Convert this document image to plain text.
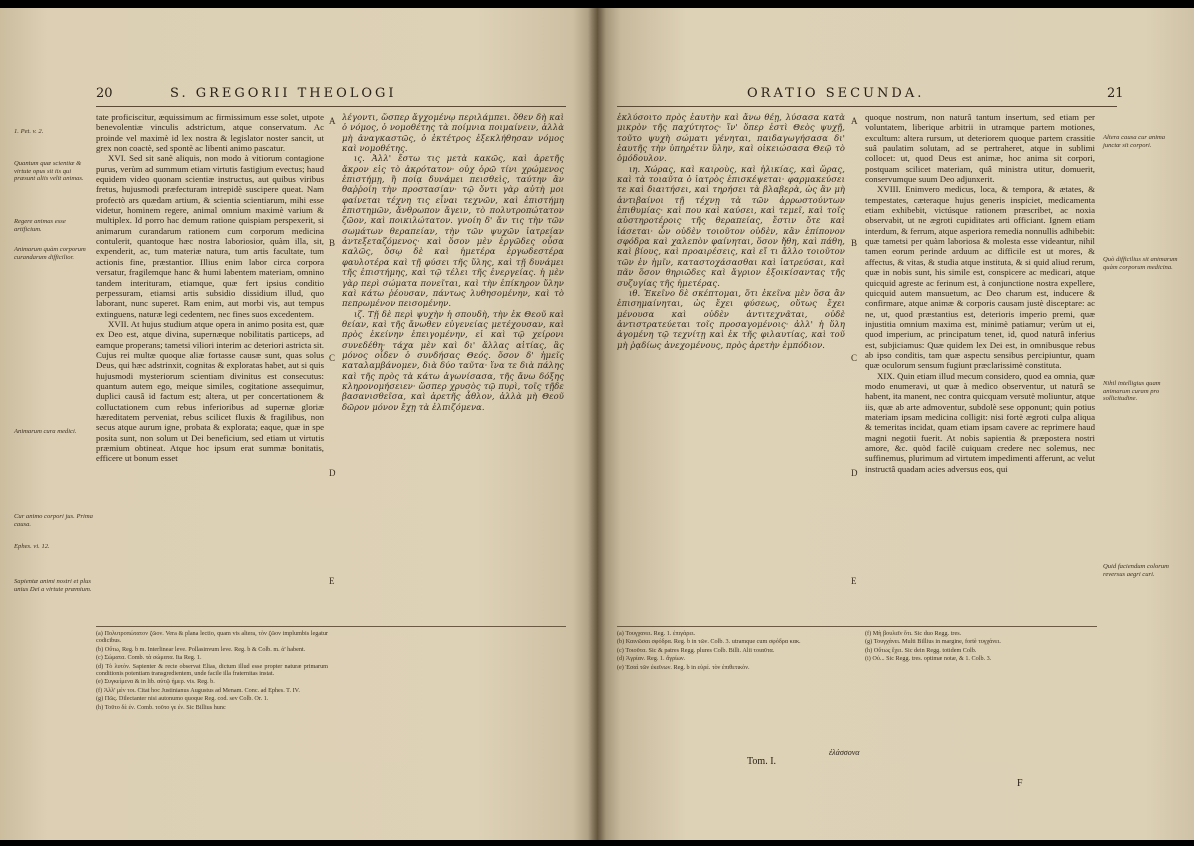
20	S. GREGORII THEOLOGI
1. Pet. v. 2.
Quantum quæ scientiæ & virtute opus sit iis qui præsunt aliis velit animas.
Regere animas esse artificium.
Animarum quàm corporum curandarum difficilior.
Animarum cura medici.
Cur animo corpori jus. Prima causa.
Ephes. vi. 12.
Sapientæ animi nostri et plus unius Dei a virtute præmium.

tate proficiscitur, æquissimum ac firmissimum esse solet, utpote benevolentiæ vinculis adstrictum, atque conservatum. Ac proinde vel maximè id lex nostra & legislator noster sancit, ut grex non coactè, sed spontè ac libenti animo pascatur.

XVI. Sed sit sanè aliquis, non modo à vitiorum contagione purus, verùm ad summum etiam virtutis fastigium evectus; haud equidem video quonam scientiæ instructus, aut quibus viribus fretus, hujusmodi præfecturam intrepidè suscipere queat. Nam profectò ars quædam artium, & scientia scientiarum, mihi esse videtur, hominem regere, animal omnium maximè varium & multiplex. Id porro hac demum ratione quispiam perspexerit, si animarum curandarum rationem cum corporum medicina contulerit, quantoque hæc nostra laboriosior, quàm illa, sit, expenderit, ac, tum materiæ natura, tum artis facultate, tum actionis fine, præstantior. Illius enim labor circa corpora versatur, fragilemque hanc & humi labentem materiam, omnino tandem interituram, etiamque, quæ fert ipsius conditio perpessuram, etiamsi artis subsidio dissidium illud, quo laborant, nunc superet. Ram enim, aut morbi vis, aut tempus extinguens, naturæ legi cedentem, nec fines suos excedentem.

XVII. At hujus studium atque opera in animo posita est, quæ ex Deo est, atque divina, supernæque nobilitatis particeps, ad eamque properans; tametsi viliori interim ac deteriori astricta sit. Cujus rei multæ quoque aliæ fortasse causæ sunt, quas solus Deus, qui hæc adstrinxit, cognitas & exploratas habet, aut si quis hujusmodi mysteriorum scientiam divinitus est consecutus: quantum autem ego, meique similes, cogitatione assequimur, duplici causâ id factum est; altera, ut per concertationem & colluctationem cum rebus inferioribus ad supernæ gloriæ hæreditatem perveniat, rebus scilicet fluxis & fragilibus, non secus atque aurum igne, probata & explorata; eaque, quæ in spe posita sunt, non solum ut Dei beneficium, sed etiam ut virtutis præmium obtineat. Atque hoc ipsum erat summæ bonitatis, efficere ut bonum esset

A
B
C
D
E

λέγοντι, ὥσπερ ἄγχομένῳ περιλάμπει. ὅθεν δὴ καὶ ὁ νόμος, ὁ νομοθέτης τὰ ποίμνια ποιμαίνειν, ἀλλὰ μὴ ἀναγκαστῶς, ὁ ἐκτέτρος ἐξεκλήθησαν νόμος καὶ νομοθέτης.

ις. Ἀλλ' ἔστω τις μετὰ κακῶς, καὶ ἀρετῆς ἄκρον εἰς τὸ ἀκρότατον· οὐχ ὁρῶ τίνι χρώμενος ἐπιστήμῃ, ἢ ποίᾳ δυνάμει πεισθεὶς, ταύτην ἂν θαῤῥοίη τὴν προστασίαν· τῷ ὄντι γὰρ αὐτὴ μοι φαίνεται τέχνη τις εἶναι τεχνῶν, καὶ ἐπιστήμη ἐπιστημῶν, ἄνθρωπον ἄγειν, τὸ πολυτροπώτατον ζῶον, καὶ ποικιλώτατον. γνοίη δ' ἄν τις τὴν τῶν σωμάτων θεραπείαν, τὴν τῶν ψυχῶν ἰατρείαν ἀντεξεταζόμενος· καὶ ὅσον μὲν ἐργῶδες οὖσα καλῶς, ὅσῳ δὲ καὶ ἡμετέρα ἐργωδεστέρα φαυλοτέρα καὶ τῇ φύσει τῆς ὕλης, καὶ τῇ δυνάμει τῆς ἐπιστήμης, καὶ τῷ τέλει τῆς ἐνεργείας. ἡ μὲν γὰρ περὶ σώματα πονεῖται, καὶ τὴν ἐπίκηρον ὕλην καὶ κάτω ῥέουσαν, πάντως λυθησομένην, καὶ τὸ πεπρωμένον πεισομένην.

ιζ. Τῇ δὲ περὶ ψυχὴν ἡ σπουδὴ, τὴν ἐκ Θεοῦ καὶ θείαν, καὶ τῆς ἄνωθεν εὐγενείας μετέχουσαν, καὶ πρὸς ἐκείνην ἐπειγομένην, εἰ καὶ τῷ χείρονι συνεδέθη· τάχα μὲν καὶ δι' ἄλλας αἰτίας, ἃς μόνος οἶδεν ὁ συνδήσας Θεός. ὅσον δ' ἡμεῖς καταλαμβάνομεν, διὰ δύο ταῦτα· ἵνα τε διὰ πάλης καὶ τῆς πρὸς τὰ κάτω ἀγωνίσασα, τῆς ἄνω δόξης κληρονομήσειεν· ὥσπερ χρυσὸς τῷ πυρὶ, τοῖς τῇδε βασανισθεῖσα, καὶ ἀρετῆς ἆθλον, ἀλλὰ μὴ Θεοῦ δῶρον μόνον ἔχῃ τὰ ἐλπιζόμενα.

(a) Πολυτροπώτατον ζῶον. Vera & plana lectio, quam vis altera, τὸν ζῶον implumbis legatur codicibus.
(b) Οὕτω, Reg. b m. Interlinear leve. Pollasinvum leve. Reg. b & Colb. m. ἀ' habent.
(c) Σώματα. Comb. τὰ σώματα. Ita Reg. 1.
(d) Τὸ λυτὸν. Sapienter & recte observat Elias, dictum illud esse propter naturæ primarum conditionis potentiam transgredientem, unde facile illa fraternitas instat.
(e) Συγκείμενα & in lib. αὐτῷ ἡμερ. vis. Reg. b.
(f) Ἀλλ' μὲν τοι. Citat hoc Justinianus Augustus ad Menam. Conc. ad Ephes. T. IV.
(g) Πῶς. Dilectanter nisi autonumo quoque Reg. cod. sev Colb. Or. 1.
(h) Τοῦτο δὲ ἐν. Comb. τοῦτο γε ἐν. Sic Billius hunc
ORATIO SECUNDA.	21

ἐκλύσοιτο πρὸς ἑαυτὴν καὶ ἄνω θέῃ, λύσασα κατὰ μικρὸν τῆς παχύτητος· ἵν' ὅπερ ἐστὶ Θεὸς ψυχῇ, τοῦτο ψυχὴ σώματι γένηται, παιδαγωγήσασα δι' ἑαυτῆς τὴν ὑπηρέτιν ὕλην, καὶ οἰκειώσασα Θεῷ τὸ ὁμόδουλον.

ιη. Χώρας, καὶ καιροὺς, καὶ ἡλικίας, καὶ ὥρας, καὶ τὰ τοιαῦτα ὁ ἰατρὸς ἐπισκέψεται· φαρμακεύσει τε καὶ διαιτήσει, καὶ τηρήσει τὰ βλαβερὰ, ὡς ἂν μὴ ἀντιβαίνοι τῇ τέχνῃ τὰ τῶν ἀρρωστούντων ἐπιθυμίας· καὶ που καὶ καύσει, καὶ τεμεῖ, καὶ τοῖς αὐστηροτέροις τῆς θεραπείας, ἔστιν ὅτε καὶ ἰάσεται· ὧν οὐδὲν τοιοῦτον οὐδὲν, κἂν ἐπίπονον σφόδρα καὶ χαλεπὸν φαίνηται, ὅσον ἤθη, καὶ πάθη, καὶ βίους, καὶ προαιρέσεις, καὶ εἴ τι ἄλλο τοιοῦτον τῶν ἐν ἡμῖν, καταστοχάσασθαι καὶ ἰατρεύσαι, καὶ πᾶν ὅσον θηριῶδες καὶ ἄγριον ἐξοικίσαντας τῆς συζυγίας τῆς ἡμετέρας.

ιθ. Ἐκεῖνο δὲ σκέπτομαι, ὅτι ἐκεῖνα μὲν ὅσα ἂν ἐπισημαίνηται, ὡς ἔχει φύσεως, οὕτως ἔχει μένουσα καὶ οὐδὲν ἀντιτεχνᾶται, οὐδὲ ἀντιστρατεύεται τοῖς προσαγομένοις· ἀλλ' ἡ ὕλη ἀγομένη τῷ τεχνίτῃ καὶ ἐκ τῆς φιλαυτίας, καὶ τοῦ μὴ ῥᾳδίως ἀνεχομένους, πρὸς ἀρετὴν ἐμπόδιον.

A
B
C
D
E

quoque nostrum, non naturâ tantum insertum, sed etiam per voluntatem, liberique arbitrii in utramque partem motiones, excultum: altera rursum, ut deteriorem quoque partem crassitie suâ paulatim solutam, ad se pertraheret, atque in sublimi collocet: ut, quod Deus est animæ, hoc anima sit corpori, postquam scilicet materiam, quâ ministra utitur, domuerit, conservumque suum Deo adjunxerit.

XVIII. Enimvero medicus, loca, & tempora, & ætates, & tempestates, cæteraque hujus generis inspiciet, medicamenta etiam exhibebit, victúsque rationem præscribet, ac noxia observabit, ut ne ægroti cupiditates arti officiant. Ignem etiam interdum, & ferrum, atque asperiora remedia nonnullis adhibebit: quæ tametsi per quàm laboriosa & molesta esse videantur, nihil tamen eorum perinde arduum ac difficile est ut mores, & affectus, & vitas, & studia atque instituta, & si quid aliud rerum, quæ in nobis sunt, his simile est, conspicere ac medicari, atque quicquid agreste ac ferinum est, à conjunctione nostra expellere, quicquid autem mansuetum, ac Deo charum est, inducere & confirmare, atque animæ & corporis causam justè disceptare: ac ne, ut, quod præstantius est, deterioris imperio premi, quæ injustitia omnium maxima est, minimè patiamur; verùm ut ei, quod imperium, ac principatum tenet, id, quod naturâ inferius est, subjiciamus: Quæ quidem lex Dei est, in omnibusque rebus ab ipso conditis, tam quæ aspectu sensibus percipiuntur, quam quæ oculorum sensum fugiunt præclarissimè constituta.

XIX. Quin etiam illud mecum considero, quod ea omnia, quæ modo enumeravi, ut quæ à medico observentur, ut naturâ se habent, ita manent, nec contra quicquam versutè moliuntur, atque iis, quæ ab arte admoventur, subdolè sese opponunt; quin potius materiam ipsam medicina colligit: nisi fortè ægroti culpa aliqua & temeritas incidat, quam etiam ipsam cavere ac reprimere haud magni negotii fuerit. At nobis sapientia & præpostera nostri amore, &c. quòd facilè cuiquam credere nec solemus, nec suffinemus, plurimum ad virtutem impedimenti afferunt, ac velut instructâ quadam acies adversus eos, qui

Altera causa cur anima junctæ sit corpori.
Quò difficilius sit animarum quàm corporum medicina.
Nihil intelligius quam animarum curam pro sollicitudine.
Quid faciendum colorum reversus aegri curi.
(a) Τουγχανει. Reg. 1. ἐπιγάρει.
(b) Καινῶσαι σφόδρα. Reg. b in τῶν. Colb. 3. utramque cum σφόδρα κακ.
(c) Τοιοῦτα. Sic & patres Regg. plures Colb. Billi. Alii τοιαῦτα.
(d) Ἀγρίαν. Reg. 1. ἄγρίων.
(e) Ἐσαὶ τῶν ἐκεῖνων. Reg. b in εὐρέ. τὸν ἐπιθετικὸν.
(f) Μὴ βουλεῖν ὅτι. Sic duo Regg. tres.
(g) Τουγχάνει. Multi Billius in margine, fortè τυγχάνει.
(h) Οὕτως ἔχει. Sic dein Regg. totidem Colb.
(i) Οὐ... Sic Regg. tres. optimæ notæ, & 1. Colb. 3.
Tom. I.
ἐλάσσονα
F
